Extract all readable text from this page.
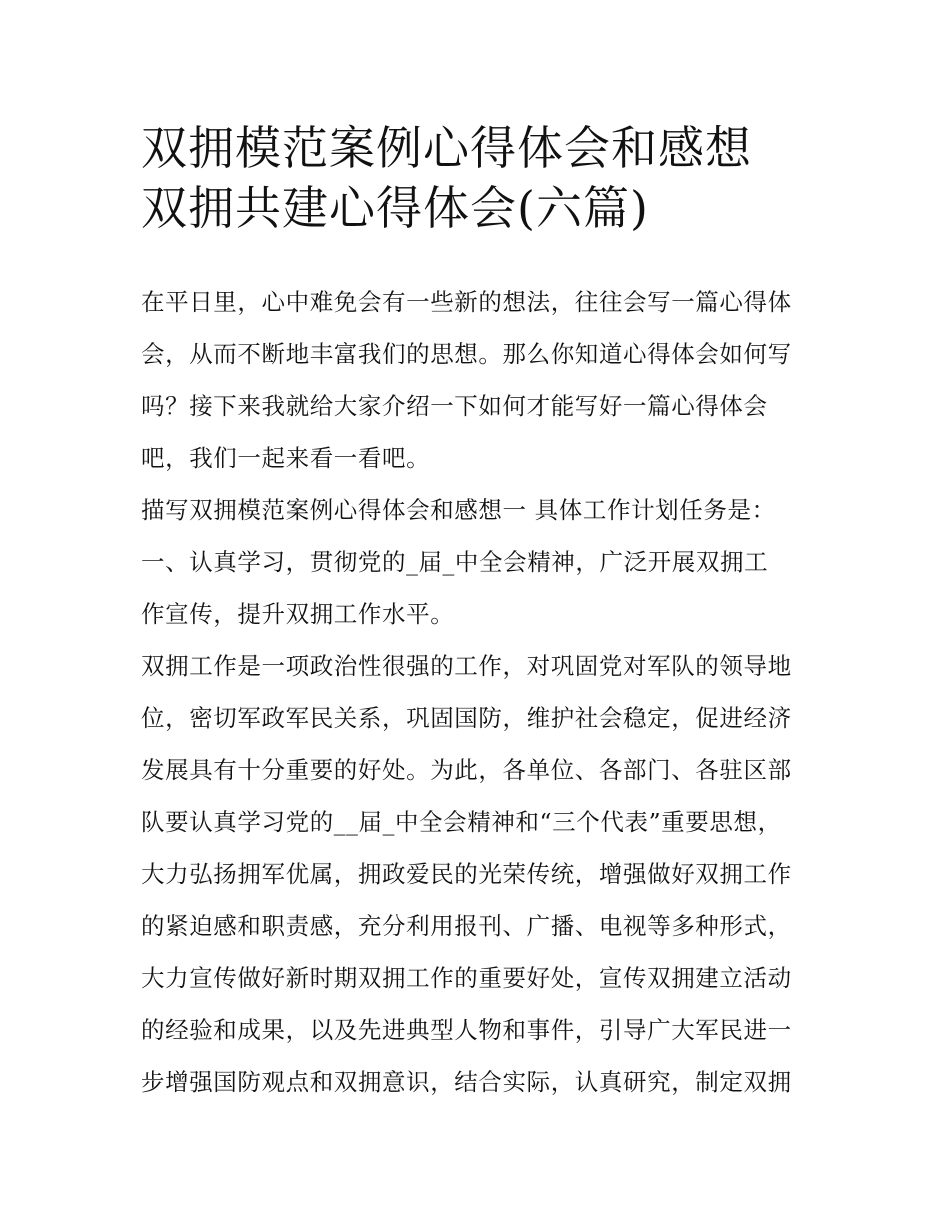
双拥模范案例心得体会和感想
双拥共建心得体会(六篇)
在平日里，心中难免会有一些新的想法，往往会写一篇心得体
会，从而不断地丰富我们的思想。那么你知道心得体会如何写
吗？接下来我就给大家介绍一下如何才能写好一篇心得体会
吧，我们一起来看一看吧。
描写双拥模范案例心得体会和感想一 具体工作计划任务是：
一、认真学习，贯彻党的_届_中全会精神，广泛开展双拥工
作宣传，提升双拥工作水平。
双拥工作是一项政治性很强的工作，对巩固党对军队的领导地
位，密切军政军民关系，巩固国防，维护社会稳定，促进经济
发展具有十分重要的好处。为此，各单位、各部门、各驻区部
队要认真学习党的__届_中全会精神和“三个代表”重要思想，
大力弘扬拥军优属，拥政爱民的光荣传统，增强做好双拥工作
的紧迫感和职责感，充分利用报刊、广播、电视等多种形式，
大力宣传做好新时期双拥工作的重要好处，宣传双拥建立活动
的经验和成果，以及先进典型人物和事件，引导广大军民进一
步增强国防观点和双拥意识，结合实际，认真研究，制定双拥
